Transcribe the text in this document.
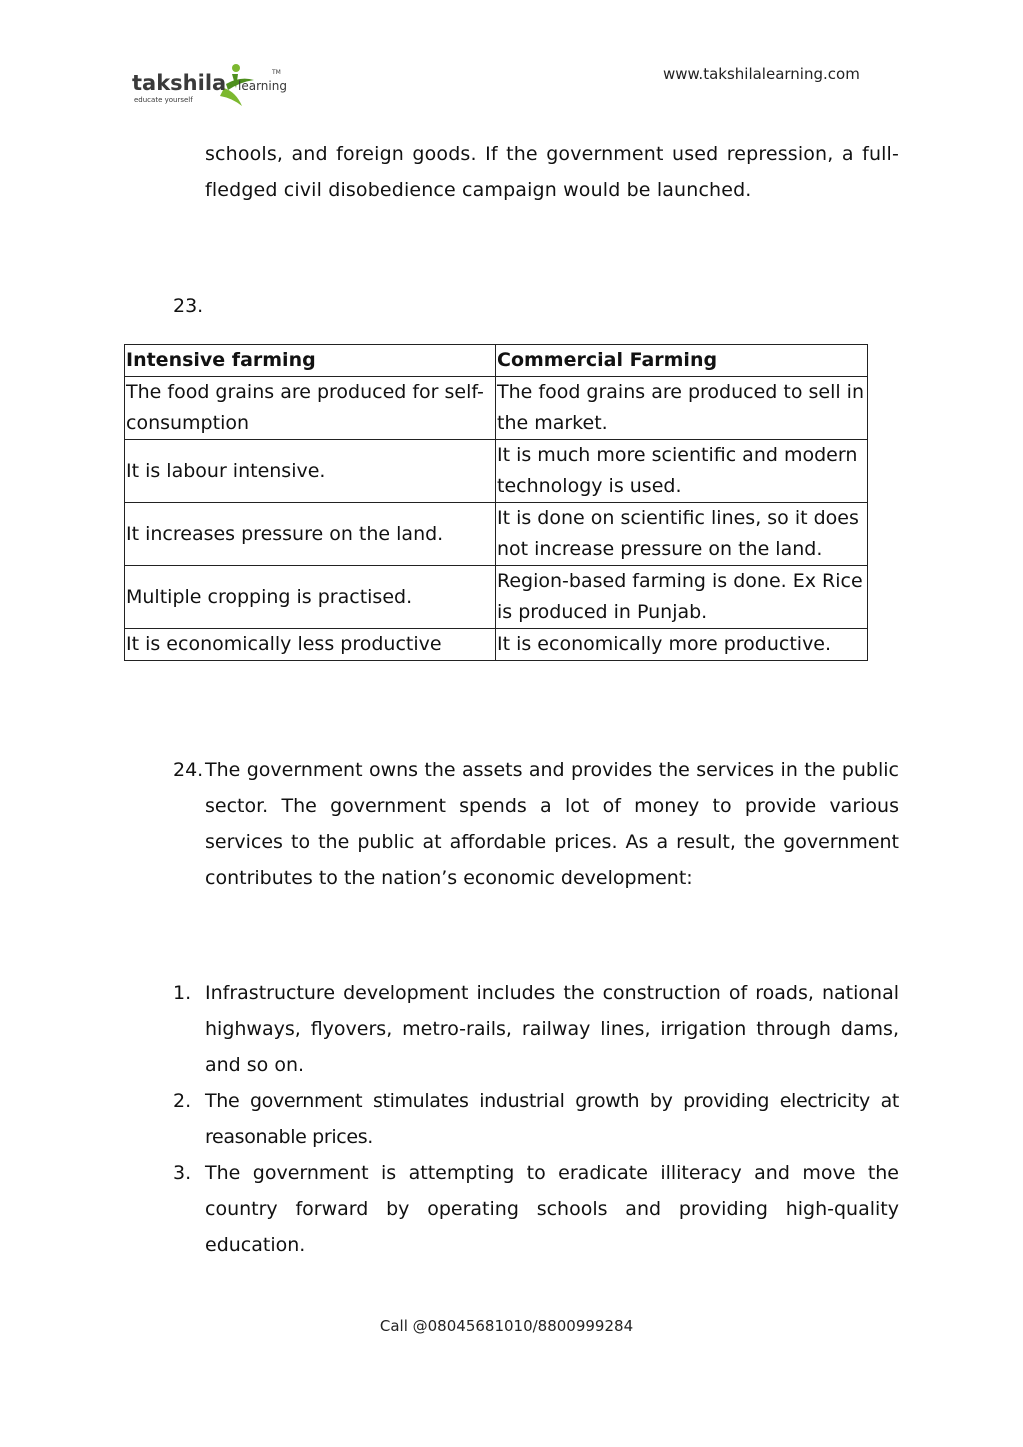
takshila learning
educate yourself
TM	www.takshilalearning.com

schools, and foreign goods. If the government used repression, a full-fledged civil disobedience campaign would be launched.

23.
Intensive farming	Commercial Farming
The food grains are produced for self-consumption	The food grains are produced to sell in the market.
It is labour intensive.	It is much more scientific and modern technology is used.
It increases pressure on the land.	It is done on scientific lines, so it does not increase pressure on the land.
Multiple cropping is practised.	Region-based farming is done. Ex Rice is produced in Punjab.
It is economically less productive	It is economically more productive.
24. The government owns the assets and provides the services in the public sector. The government spends a lot of money to provide various services to the public at affordable prices. As a result, the government contributes to the nation’s economic development:
1. Infrastructure development includes the construction of roads, national highways, flyovers, metro-rails, railway lines, irrigation through dams, and so on.
2. The government stimulates industrial growth by providing electricity at reasonable prices.
3. The government is attempting to eradicate illiteracy and move the country forward by operating schools and providing high-quality education.
Call @08045681010/8800999284
